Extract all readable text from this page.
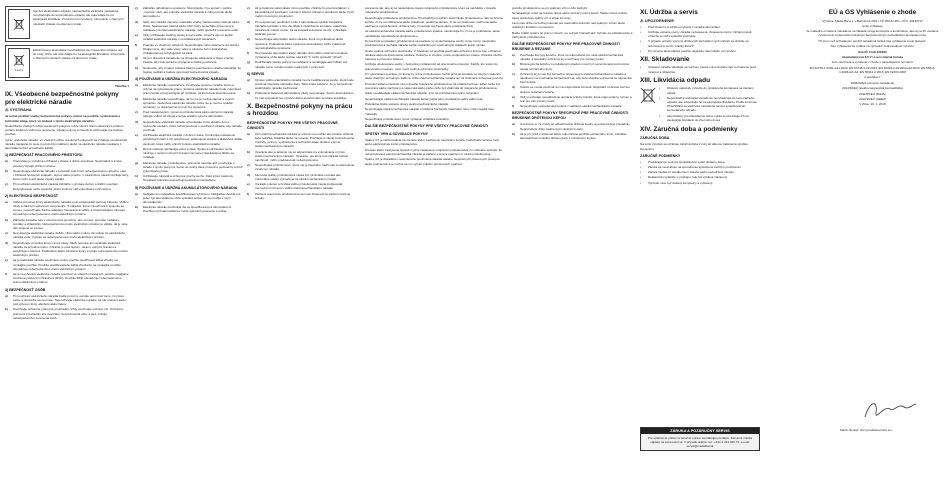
Symbol elektrického odpadu. Nepoužiteľné elektrické zariadenia nevyhadzujte do komunálneho odpadu, ale odovzdajte ho na ekologickú likvidáciu. Z ktorého bol vyrobený. Informácie o zberných miestach získate na obecnom úrade.

Li-ion

Elektrizovaný akumulátor neodhadzujte do zmesového odpadu, ani do vody, ohňa, ale odovzdajte ho na ekologickú likvidáciu. Informácie o zberných miestach získate na obecnom úrade.

Tabuľka 1
IX. Všeobecné bezpečnostné pokyny pre elektrické náradie
⚠ VÝSTRAHA

Je nutné prečítať všetky bezpečnostné pokyny, návod na použitie, vyobrazenia a technické údaje, ktoré sú dodané s týmto elektrickým náradím.

Nedodržanie všetkých nižšie uvedených pokynov môže viesť k úrazu elektrickým prúdom, požiaru a/alebo k vážnemu poraneniu. Všetky pokyny a návody si uschovajte pre budúce použitie.

Výraz „elektrické náradie“ vo všetkých nižšie uvedených pokynoch sa vzťahuje na elektrické náradie napájané zo siete (s prívodným káblom) alebo na elektrické náradie napájané z akumulátora (bez prívodného kábla).

1) BEZPEČNOSŤ PRACOVNÉHO PRIESTORU
a)	Pracovisko je potrebné udržiavať v čistote a dobre osvetlené. Neporiadok a tmavé priestory bývajú príčinou úrazov.
b)	Nepoužívajte elektrické náradie v prostredí, kde hrozí nebezpečenstvo výbuchu, napr. v blízkosti horľavých kvapalín, plynov alebo prachu. V elektrickom náradí vznikajú iskry, ktoré môžu prach alebo výpary zapáliť.
c)	Pri používaní elektrického náradia zabráňte v prístupe deťom a ďalším osobám. Rozptyľovanie môže spôsobiť stratu kontroly nad vykonávanou činnosťou.
2) ELEKTRICKÁ BEZPEČNOSŤ
a)	Vidlica prívodnej šnúry elektrického náradia musí zodpovedať sieťovej zásuvke. Vidlicu nikdy a žiadnym spôsobom neupravujte. S náradím, ktoré má ochranné spojenie so zemou, nepoužívajte žiadne adaptéry. Neupravené vidlice a zodpovedajúce zásuvky obmedzujú nebezpečenstvo úrazu elektrickým prúdom.
b)	Zabráňte kontaktu tela s uzemnenými povrchmi, ako sú napr. potrubia, radiátory, sporáky a chladničky. Nebezpečenstvo úrazu elektrickým prúdom je väčšie, ak je vaše telo spojené so zemou.
c)	Nevystavujte elektrické náradie dažďu, vlhku alebo mokru. Ak vnikne do elektrického náradia voda, zvyšuje sa nebezpečenstvo úrazu elektrickým prúdom.
d)	Nepoužívajte prívodnú šnúru na iné účely. Nikdy nenoste ani neťahajte elektrické náradie za prívodnú šnúru. Chráňte ju pred teplom, olejom, ostrými hranami a pohyblivými časťami. Poškodené alebo zauzlené šnúry zvyšujú nebezpečenstvo úrazu elektrickým prúdom.
e)	Ak je elektrické náradie používané vonku, použite predlžovací kábel vhodný na vonkajšie použitie. Použitie predlžovacieho kábla vhodného na vonkajšie použitie obmedzuje nebezpečenstvo úrazu elektrickým prúdom.
f)	Ak je nevyhnutné elektrické náradie používať vo vlhkých priestoroch, použite napájanie chránené prúdovým chráničom (RCD). Použitie RCD obmedzuje nebezpečenstvo úrazu elektrickým prúdom.
3) BEZPEČNOSŤ OSÔB
a)	Pri používaní elektrického náradia buďte pozorní, venujte pozornosť tomu, čo práve robíte a sústreďte sa na prácu. Nepoužívajte elektrické náradie, ak ste unavení alebo pod vplyvom drog, alkoholu alebo liekov.
b)	Používajte ochranné pracovné prostriedky. Vždy používajte ochranu očí. Ochranné pracovné prostriedky ako respirátor, bezpečnostná obuv a pod. znižujú nebezpečenstvo poranenia osôb.
c)	Zabráňte náhodnému spusteniu. Skontrolujte, či je spínač v polohe „vypnuté“ skôr, ako pripojíte elektrické náradie k zdroju prúdu alebo akumulátoru.
d)	Skôr, ako náradie zapnete, odstráňte všetky nastavovacie nástroje alebo kľúče. Nastavovací nástroj alebo kľúč, ktorý ponecháte pripevnený k otáčajúcej sa časti elektrického náradia, môže spôsobiť poranenie osôb.
e)	Vždy udržiavajte stabilný postoj a rovnováhu. Umožní vám to lepšie ovládať elektrické náradie v neočakávaných situáciách.
f)	Pracujte vo vhodnom oblečení. Nepoužívajte voľné oblečenie ani šperky. Dbajte na to, aby vaše vlasy, odev a rukavice boli v dostatočnej vzdialenosti od pohybujúcich sa častí.
g)	Ak je k dispozícii zariadenie na pripojenie odsávania a zberu prachu, zaistite, aby bolo správne pripojené a riadne používané.
h)	Nedovoľte, aby znalosť získaná častým používaním náradia spôsobila, že budete nedbalí a budete ignorovať bezpečnostné zásady.
4) POUŽÍVANIE A ÚDRŽBA ELEKTRICKÉHO NÁRADIA
a)	Elektrické náradie nepreťažujte. Používajte správne náradie, ktoré je určené na vykonávanú prácu. Správne elektrické náradie bude vykonávať prácu lepšie a bezpečnejšie pri rýchlosti, na ktorú bolo skonštruované.
b)	Elektrické náradie nepoužívajte, ak ho nie je možné zapnúť a vypnúť spínačom. Akékoľvek elektrické náradie, ktoré nie je možné ovládať spínačom, je nebezpečné a musí byť opravené.
c)	Pred nastavovaním, výmenou príslušenstva alebo uložením náradia odpojte vidlicu od zdroja energie a/alebo vyberte akumulátor.
d)	Nepoužívané elektrické náradie uchovávajte mimo dosahu detí a nedovoľte osobám, ktoré neboli poučené o používaní náradia, aby náradie používali.
e)	Udržiavajte elektrické náradie v dobrom stave. Kontrolujte nastavenie pohyblivých častí a ich pohyblivosť, poškodenie súčastí a akékoľvek ďalšie okolnosti, ktoré môžu ohroziť funkciu elektrického náradia.
f)	Rezné nástroje udržiavajte ostré a čisté. Správne udržiavané rezné nástroje s ostrými reznými hranami sa menej zasekávajú a ľahšie sa ovládajú.
g)	Elektrické náradie, príslušenstvo, pracovné nástroje atď. používajte v súlade s týmito pokynmi, berúc do úvahy dané pracovné podmienky a druh vykonávanej práce.
h)	Udržiavajte rukoväti a úchopové plochy suché, čisté a bez mastnoty. Šmykľavé rukoväti neumožňujú bezpečnú manipuláciu.
5) POUŽÍVANIE A ÚDRŽBA AKUMULÁTOROVÉHO NÁRADIA
a)	Nabíjajte len nabíjačkou špecifikovanou výrobcom. Nabíjačka vhodná pre jeden typ akumulátora môže spôsobiť požiar, ak sa použije s iným akumulátorom.
b)	Elektrické náradie používajte iba so špecifikovanými akumulátormi. Použitie iných akumulátorov môže spôsobiť poranenie a požiar.
c)	Ak je batériový akumulátor mimo použitia, chráňte ho pred kontaktom s kancelárskymi sponkami, mincami, kľúčmi, klincami, skrutkami alebo inými malými kovovými predmetmi.
d)	Pri nesprávnom používaní môže z akumulátora vytekať kvapalina; zabráňte kontaktu s ňou. Ak dôjde k náhodnému kontaktu, opláchnite zasiahnuté miesto vodou. Ak sa kvapalina dostane do očí, vyhľadajte lekársku pomoc.
e)	Nepoužívajte akumulátor alebo náradie, ktoré sú poškodené alebo upravené. Poškodené alebo upravené akumulátory môžu vykazovať nepredvídateľné správanie.
f)	Nevystavujte akumulátor alebo náradie ohňu alebo nadmernej teplote. Vystavenie ohňu alebo teplote nad 130 °C môže spôsobiť výbuch.
g)	Dodržiavajte všetky pokyny na nabíjanie a nenabíjajte akumulátor ani náradie mimo rozsahu teplôt uvedených v pokynoch.
6) SERVIS
a)	Opravu vášho elektrického náradia zverte kvalifikovanej osobe, ktorá bude používať identické náhradné diely. Takto bude zaistené, že je bezpečnosť elektrického náradia zachovaná.
b)	Poškodené batériové akumulátory nikdy neopravujte. Servis akumulátorov by mal vykonávať len výrobca alebo autorizované servisné strediská.
X. Bezpečnostné pokyny na prácu s hrozdou
BEZPEČNOSTNÉ POKYNY PRE VŠETKY PRACOVNÉ ČINNOSTI
a)	Toto elektromechanické náradie je určené na použitie ako brúska, drôtená kefa, leštička, hladička alebo na rezanie. Prečítajte si všetky bezpečnostné výstrahy, pokyny, vyobrazenia a technické údaje dodané s týmto elektromechanickým náradím.
b)	Operácie ako je leštenie nie sú odporúčané na vykonávanie s týmto elektromechanickým náradím. Operácie, pre ktoré toto náradie nebolo navrhnuté, môžu predstavovať nebezpečenstvo.
c)	Nepoužívajte príslušenstvo, ktoré nie je špeciálne navrhnuté a odporučené výrobcom náradia.
d)	Menovité otáčky príslušenstva musia byť minimálne rovnaké ako maximálne otáčky vyznačené na elektromechanickom náradí.
e)	Vonkajší priemer a hrúbka vášho príslušenstva musia zodpovedať menovitým rozmerom vášho elektromechanického náradia.
f)	Závitové upevnenie príslušenstva sa musí zhodovať so závitom vretena brúsky.

poranenie tak, ako aj na nasledujúce miesto rotujúceho príslušenstva, ktoré sa nachádza v dosahu rotujúceho príslušenstva.

Nepoužívajte poškodené príslušenstvo. Pred každým použitím skontrolujte príslušenstvo, ako sú brúsne kotúče, či nie sú odštiepené alebo prasknuté, podložné taniere, či nie sú prasknuté, natrhnuté alebo nadmerne opotrebované, drôtené kefy, či nemajú uvoľnené alebo prasknuté drôty.

Ak elektromechanické náradie alebo príslušenstvo spadne, skontrolujte ho, či nie je poškodené, alebo nainštalujte nepoškodené príslušenstvo.

Po kontrole a nasadení príslušenstva sa postavte vy aj okolostojace osoby mimo roviny rotujúceho príslušenstva a nechajte náradie bežať naprázdno pri maximálnych otáčkach jednu minútu.

Noste osobné ochranné prostriedky. V závislosti od použitia používajte ochranný štít na tvár, ochranné okuliare alebo bezpečnostné okuliare. Pokiaľ je to vhodné, noste protiprachovú masku, chrániče sluchu, rukavice a pracovnú zásteru.

Udržujte okolostojace osoby v bezpečnej vzdialenosti od pracovného priestoru. Každý, kto vstúpi do pracovného priestoru, musí nosiť osobné ochranné prostriedky.

Pri vykonávaní operácie, pri ktorej by rezné príslušenstvo mohlo prísť do kontaktu so skrytým vedením alebo vlastným prívodným káblom, držte elektromechanické náradie len za izolované úchopové povrchy.

Prívodný kábel umiestnite mimo dosahu rotujúceho príslušenstva. Ak stratíte kontrolu, kábel môže byť prerezaný alebo zachytený a vaša ruka alebo paža môže byť vtiahnutá do rotujúceho príslušenstva.

Nikdy neodkladajte elektromechanické náradie, kým sa príslušenstvo úplne nezastaví.

Nenechávajte elektromechanické náradie bežať počas jeho prenášania vedľa vášho tela.

Pravidelne čistite vetracie otvory elektromechanického náradia.

Nepoužívajte elektromechanické náradie v blízkosti horľavých materiálov. Iskry môžu zapáliť tieto materiály.

Nepoužívajte príslušenstvo, ktoré vyžaduje chladiace kvapaliny.

ĎALŠIE BEZPEČNOSTNÉ POKYNY PRE VŠETKY PRACOVNÉ ČINNOSTI
SPÄTNÝ VRH A SÚVISIACE POKYNY

Spätný vrh je náhla reakcia na zovretie alebo zachytenie rotujúceho kotúča, podložného taniera, kefy alebo akéhokoľvek iného príslušenstva.

Zovretie alebo zachytenie spôsobí rýchle zastavenie rotujúceho príslušenstva, čo následne spôsobí, že nekontrolované elektromechanické náradie je tlačené v smere opačnom k rotácii príslušenstva.

Spätný vrh je dôsledkom nesprávneho používania náradia a/alebo nesprávnych pracovných postupov alebo podmienok a je možné sa mu vyhnúť prijatím primeraných opatrení.

pretože príslušenstvo sa pri spätnom vrhu môže zachytiť.

Nenasadzujte reťaz na rezanie dreva alebo ozubený pílový kotúč. Takéto pílové kotúče často spôsobujú spätný vrh a stratu kontroly.

Ľavú ruku držte na bočnej rukoväti pre maximálnu kontrolu nad spätným vrhom alebo reakčným krútiacim momentom.

Buďte zvlášť opatrní pri práci v rohoch, na ostrých hranách atď. Vyhnite sa odskakovaniu a zachyteniu príslušenstva.

ĎALŠIE BEZPEČNOSTNÉ POKYNY PRE PRACOVNÉ ČINNOSTI BRÚSENIE A REZANIE
a)	Používajte iba typy kotúčov, ktoré sú odporúčané pre vaše elektromechanické náradie, a špeciálny ochranný kryt navrhnutý pre zvolený kotúč.
b)	Brúsna plocha kotúčov s preliačeným stredom musí byť namontovaná pod rovinou okraja ochranného krytu.
c)	Ochranný kryt musí byť bezpečne pripevnený k elektromechanickému náradiu a nastavený na maximálnu bezpečnosť tak, aby bola obsluhe vystavená čo najmenšia časť kotúča.
d)	Kotúče sa musia používať len na odporúčané činnosti. Napríklad: nebrúste bočnou stranou rezacieho kotúča.
e)	Vždy používajte nepoškodené upínacie príruby kotúča, ktoré majú správny rozmer a tvar pre váš zvolený kotúč.
f)	Nepoužívajte opotrebované kotúče z väčšieho elektromechanického náradia.
BEZPEČNOSTNÉ POKYNY ŠPECIFICKÉ PRE PRACOVNÉ ČINNOSTI BRÚSENIE DRÔTENOU KEFOU
a)	Uvedomte si, že z kefy sú odhadzované drôtené štetiny aj počas bežnej prevádzky. Nepreťažujte drôty nadmerným zaťažením kefy.
b)	Ak je pri práci s drôtenou kefou odporúčané použitie ochranného krytu, zabráňte akémukoľvek kontaktu drôtenej kefy s ochranným krytom.
XI. Údržba a servis
⚠ UPOZORNENIE
•	Pred čistením a údržbou vyberte z náradia akumulátor.
•	Udržujte vetracie otvory náradia nezanesené. Zanesené otvory znižujú prietok vzduchu a môžu spôsobiť prehriatie.
•	V prípade potreby výmeny uhlíkových kief alebo iných súčastí sa obráťte na autorizovaný servis značky Extol®.
•	Pri výmene akumulátora použite originálny akumulátor od výrobcu.
XII. Skladovanie
•	Očistené náradie skladujte na suchom mieste mimo dosahu detí a chránené pred mrazom a vlhkosťou.
XIII. Likvidácia odpadu
•	Obalové materiály vyhoďte do príslušného kontajnera na triedený odpad.
•	Nepoužiteľné elektrické zariadenie nevyhadzujte do komunálneho odpadu, ale odovzdajte ho na ekologickú likvidáciu. Podľa smernice 2012/19/EÚ sa elektrické zariadenia nesmú vyhadzovať do komunálneho odpadu.
•	Akumulátory pred likvidáciou úplne vybite a odovzdajte ich na ekologickú likvidáciu do zberného dvora.
XIV. Záručná doba a podmienky
ZÁRUČNÁ DOBA

Na tento výrobok sa vzťahuje záručná doba 2 roky od dátumu zakúpenia výrobku kupujúcim.

ZÁRUČNÉ PODMIENKY
•	Predávajúci je povinný spotrebiteľovi vydať doklad o kúpe.
•	Záruka sa nevzťahuje na opotrebenie spôsobené bežným používaním.
•	Záruka zaniká pri neodbornom zásahu alebo nedodržaní návodu.
•	Reklamáciu uplatnite u predajcu, kde bol výrobok zakúpený.
•	Výrobok musí byť dodaný kompletný a vyčistený.
ZÁRUKA A POZÁRUČNÝ SERVIS
Pre uplatnenie práva na záručnú opravu kontaktujte predajcu. Servisné miesta nájdete na www.extol.sk. V prípade otázok: tel.: +421 2 212 920 70, e-mail: servis@madalbal.sk
EÚ a GS Vyhlásenie o zhode

Výrobca: Madal Bal a.s. • Bartošova 40/3 • CZ-760 01 Zlín • IČO: 49433717

týmto vyhlasuje,

že následne označené zariadenie na základe svojej koncepcie a konštrukcie, ako aj na trh uvedené vyhotovenie zodpovedá príslušným bezpečnostným požiadavkám Európskej únie.

Pri inom než schválenom použití zariadenia stráca toto vyhlásenie svoju platnosť.

Toto vyhlásenie sa vydáva na výhradnú zodpovednosť výrobcu.

Extol® Craft 402400

Akumulátorová 3,6 V Li-ion rotačná brúska

bolo navrhnuté a vyrobené v zhode s nasledujúcimi normami:

EN 60745-1:2009+A11:2010; EN 60745-2-23:2013; EN 60335-2-29:2004+A2:2010; EN 55014-1:2006+A1:A2; EN 55014-2:2015; EN 62233:2008

a predpismi:

2006/42/ES (strojové zariadenia)

2014/30/EÚ (elektromagnetická kompatibilita)

2011/65/EÚ (RoHS)

2012/19/EÚ (OEEZ)

V Zlíne: 29. 1. 2019

Martin Šenkýř, člen predstavenstva a.s.
